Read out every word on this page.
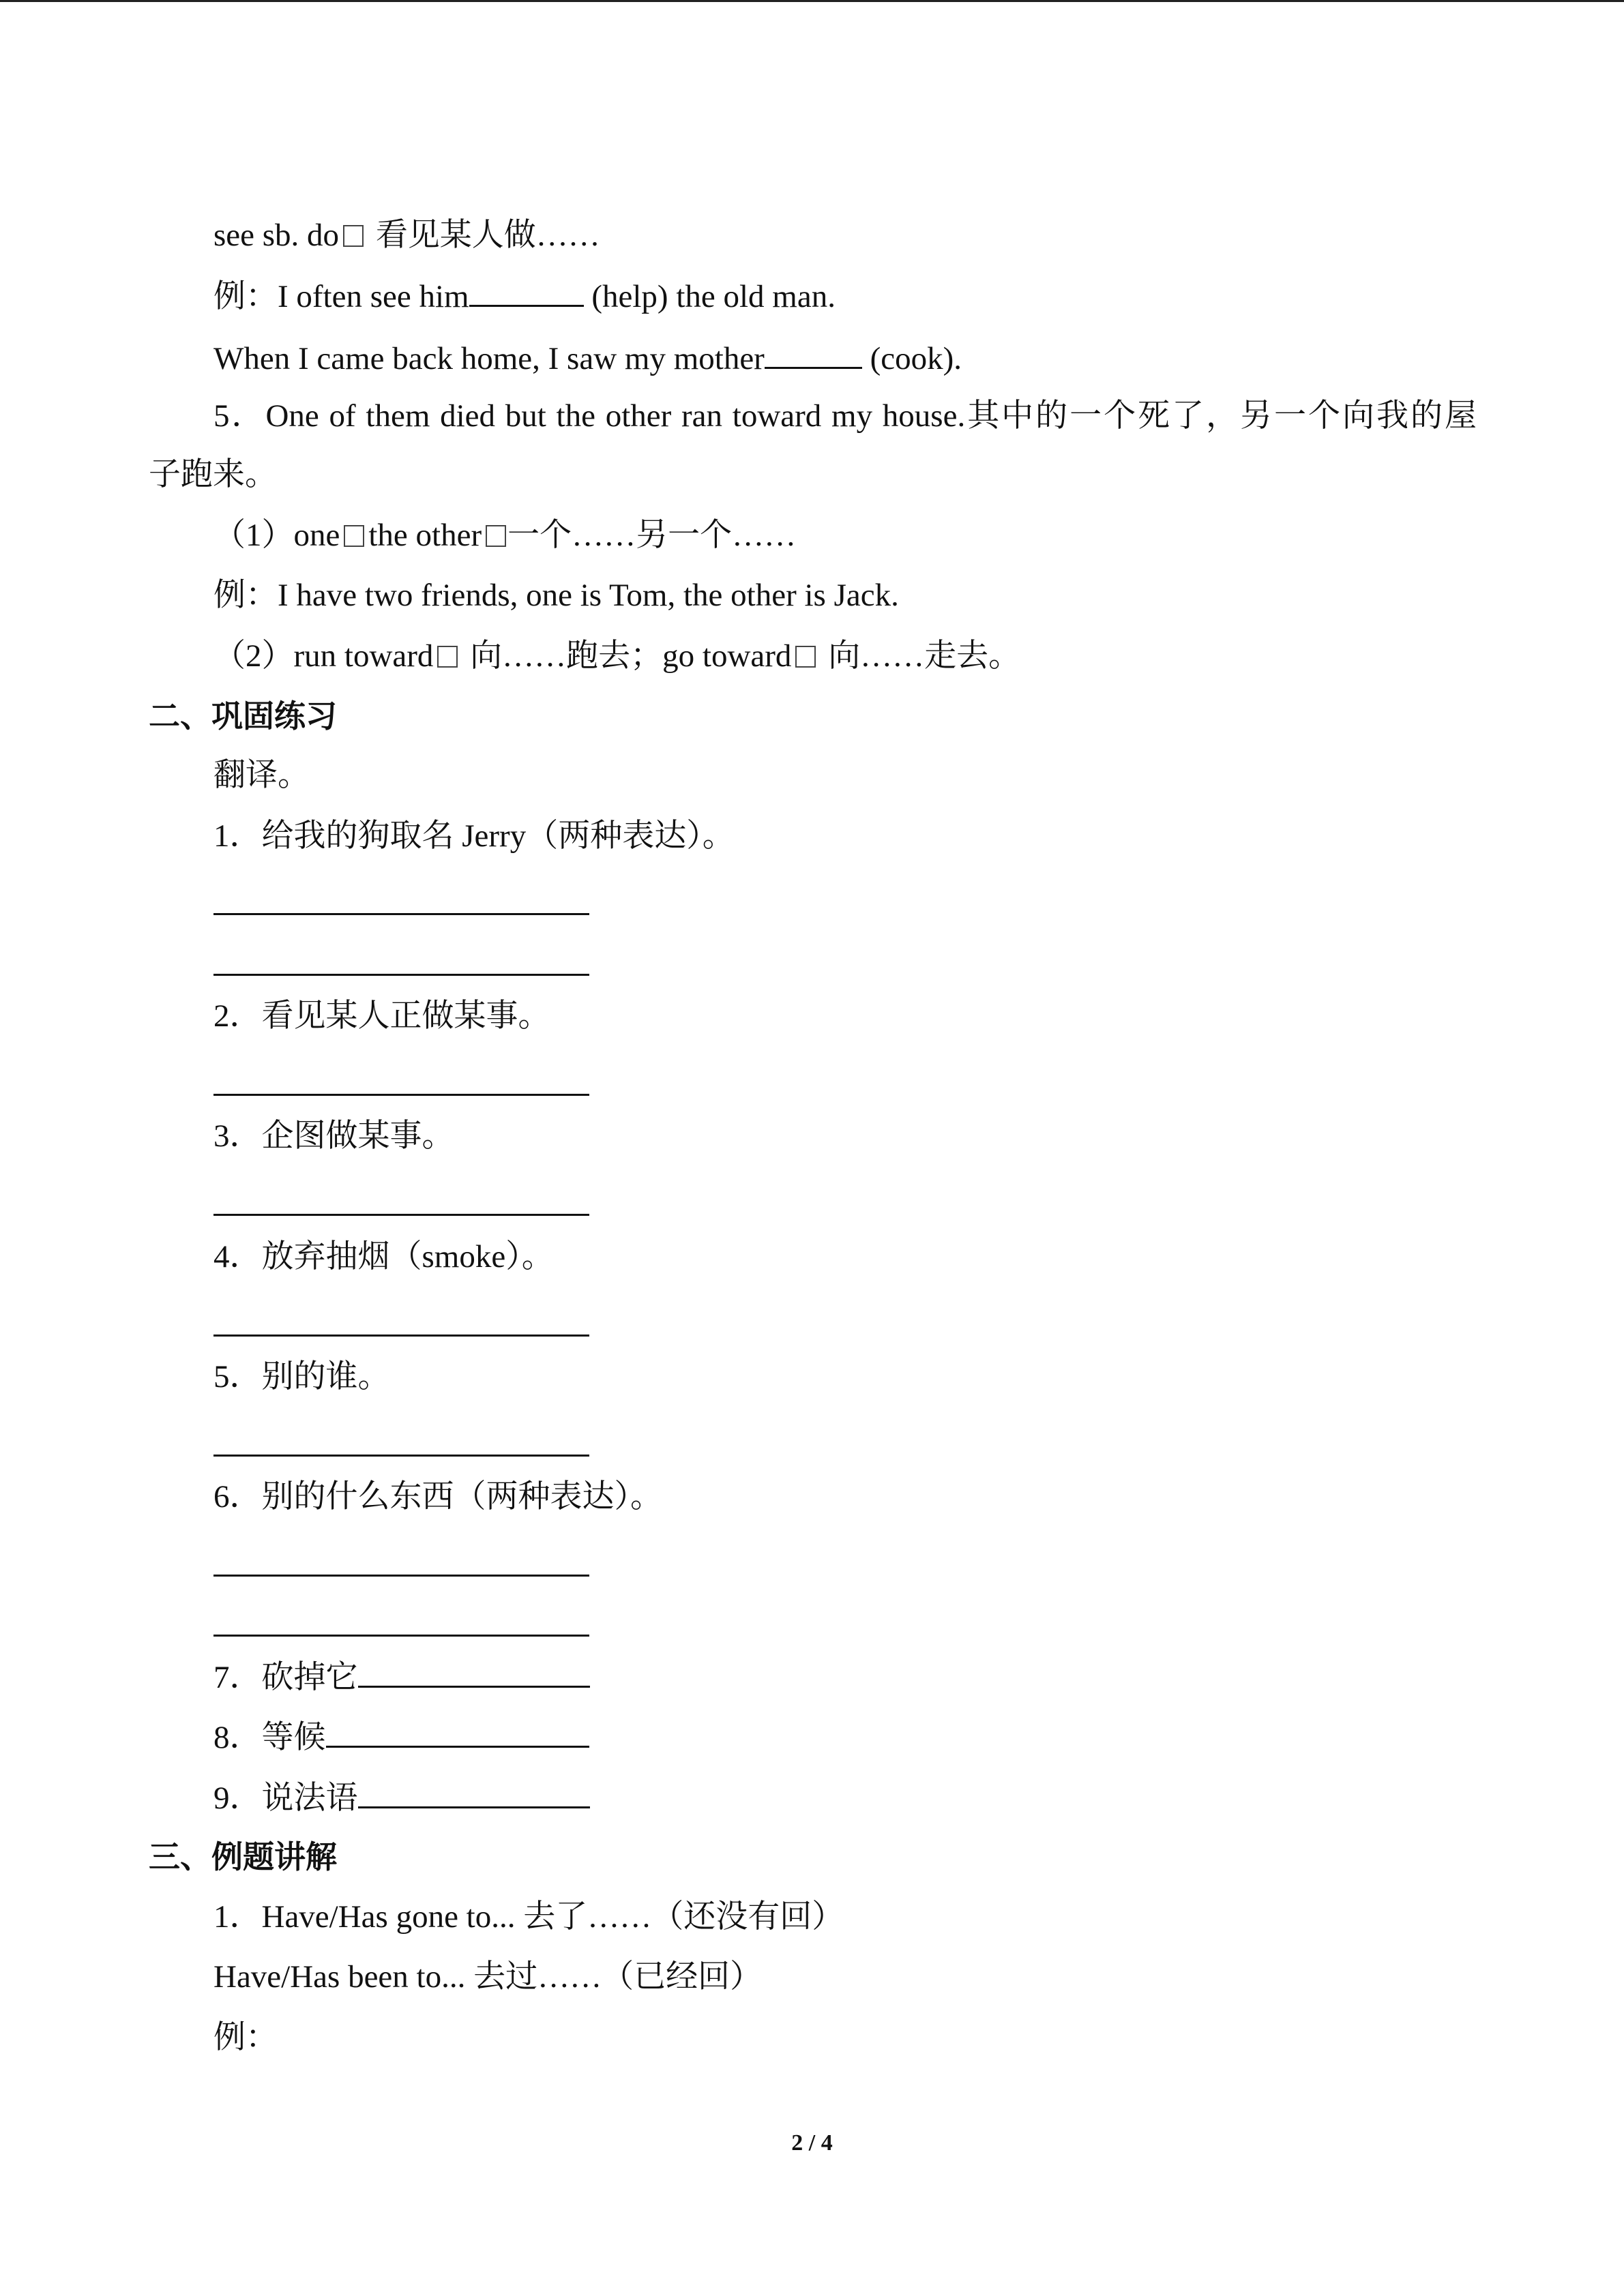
see sb. do 看见某人做……
例：I often see him	(help) the old man.
When I came back home, I saw my mother	(cook).
5．One of them died but the other ran toward my house.其中的一个死了，另一个向我的屋
子跑来。
（1）one the other 一个……另一个……
例：I have two friends, one is Tom, the other is Jack.
（2）run toward 向……跑去；go toward 向……走去。
二、巩固练习
翻译。
1．给我的狗取名 Jerry（两种表达）。
2．看见某人正做某事。
3．企图做某事。
4．放弃抽烟（smoke）。
5．别的谁。
6．别的什么东西（两种表达）。
7．砍掉它
8．等候
9．说法语
三、例题讲解
1．Have/Has gone to... 去了……（还没有回）
Have/Has been to... 去过……（已经回）
例：
2 / 4
